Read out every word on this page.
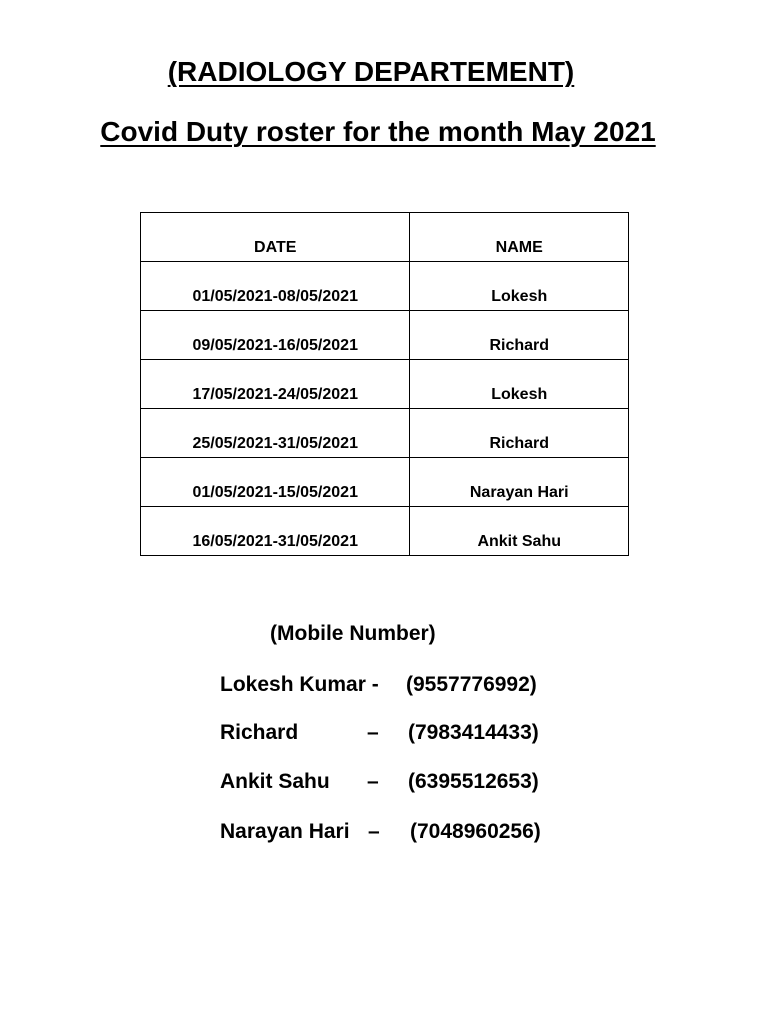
(RADIOLOGY DEPARTEMENT)
Covid Duty roster for the month May 2021
DATE	NAME
01/05/2021-08/05/2021	Lokesh
09/05/2021-16/05/2021	Richard
17/05/2021-24/05/2021	Lokesh
25/05/2021-31/05/2021	Richard
01/05/2021-15/05/2021	Narayan Hari
16/05/2021-31/05/2021	Ankit Sahu
(Mobile Number)
Lokesh Kumar - (9557776992)
Richard	– (7983414433)
Ankit Sahu – (6395512653)
Narayan Hari – (7048960256)
